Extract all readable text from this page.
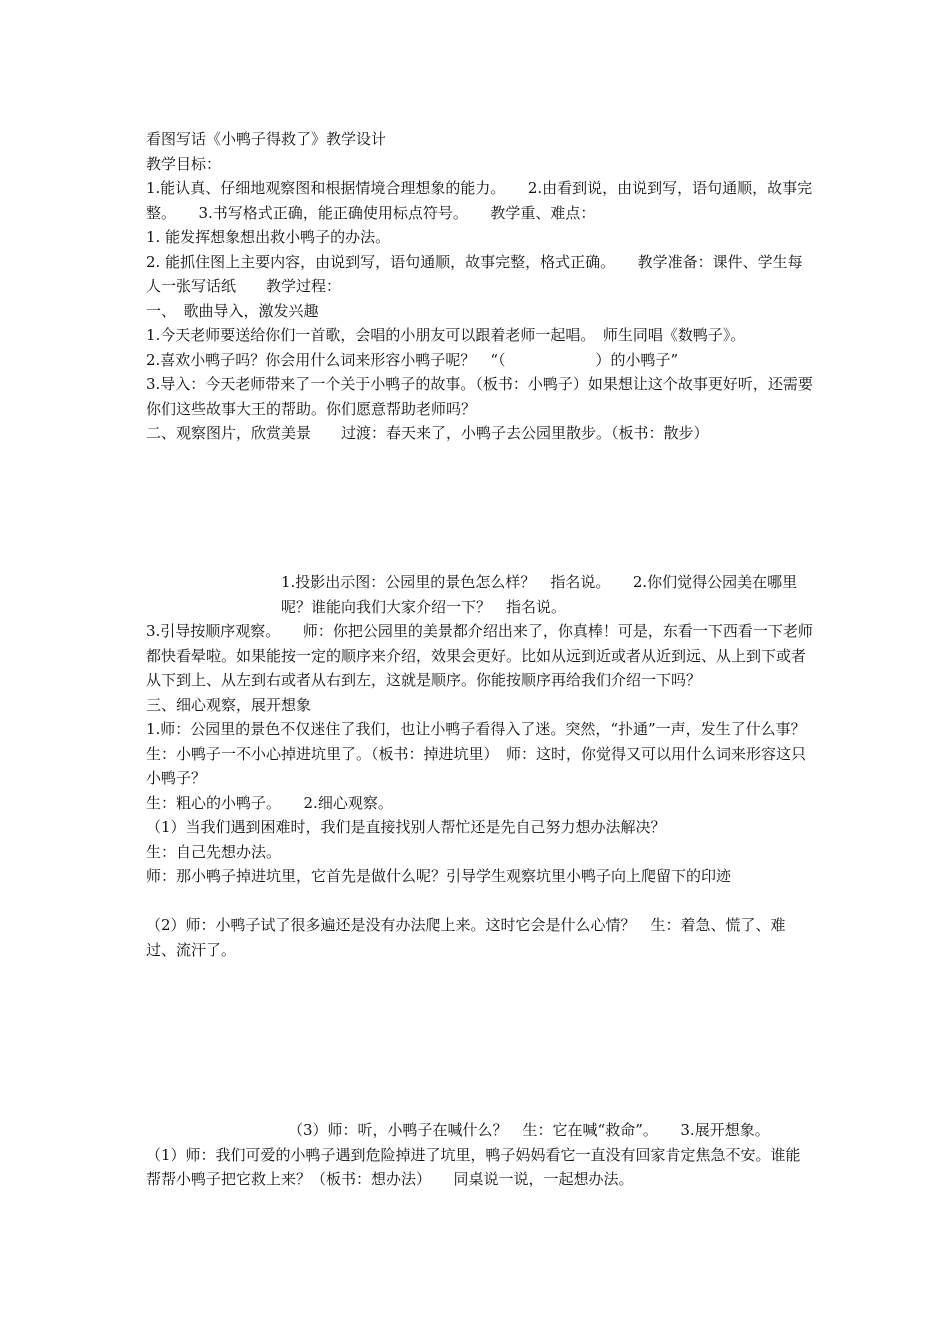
看图写话《小鸭子得救了》教学设计

教学目标：

1.能认真、仔细地观察图和根据情境合理想象的能力。　　2.由看到说，由说到写，语句通顺，故事完整。　　3.书写格式正确，能正确使用标点符号。　　教学重、难点：

1. 能发挥想象想出救小鸭子的办法。

2. 能抓住图上主要内容，由说到写，语句通顺，故事完整，格式正确。　　教学准备：课件、学生每人一张写话纸　　教学过程：

一、　歌曲导入，激发兴趣

1.今天老师要送给你们一首歌，会唱的小朋友可以跟着老师一起唱。　师生同唱《数鸭子》。

2.喜欢小鸭子吗？你会用什么词来形容小鸭子呢？　“（　　　　　　）的小鸭子”

3.导入：今天老师带来了一个关于小鸭子的故事。（板书：小鸭子）如果想让这个故事更好听，还需要你们这些故事大王的帮助。你们愿意帮助老师吗？

二、观察图片，欣赏美景　　过渡：春天来了，小鸭子去公园里散步。（板书：散步）

1.投影出示图：公园里的景色怎么样？　指名说。　　2.你们觉得公园美在哪里呢？谁能向我们大家介绍一下？　指名说。

3.引导按顺序观察。　　师：你把公园里的美景都介绍出来了，你真棒！可是，东看一下西看一下老师都快看晕啦。如果能按一定的顺序来介绍，效果会更好。比如从远到近或者从近到远、从上到下或者从下到上、从左到右或者从右到左，这就是顺序。你能按顺序再给我们介绍一下吗？

三、细心观察，展开想象

1.师：公园里的景色不仅迷住了我们，也让小鸭子看得入了迷。突然，“扑通”一声，发生了什么事？

生：小鸭子一不小心掉进坑里了。（板书：掉进坑里）　师：这时，你觉得又可以用什么词来形容这只小鸭子？

生：粗心的小鸭子。　　2.细心观察。

（1）当我们遇到困难时，我们是直接找别人帮忙还是先自己努力想办法解决？

生：自己先想办法。

师：那小鸭子掉进坑里，它首先是做什么呢？引导学生观察坑里小鸭子向上爬留下的印迹

（2）师：小鸭子试了很多遍还是没有办法爬上来。这时它会是什么心情？　生：着急、慌了、难过、流汗了。

（3）师：听，小鸭子在喊什么？　生：它在喊“救命”。　　3.展开想象。

（1）师：我们可爱的小鸭子遇到危险掉进了坑里，鸭子妈妈看它一直没有回家肯定焦急不安。谁能帮帮小鸭子把它救上来？（板书：想办法）　　同桌说一说，一起想办法。
